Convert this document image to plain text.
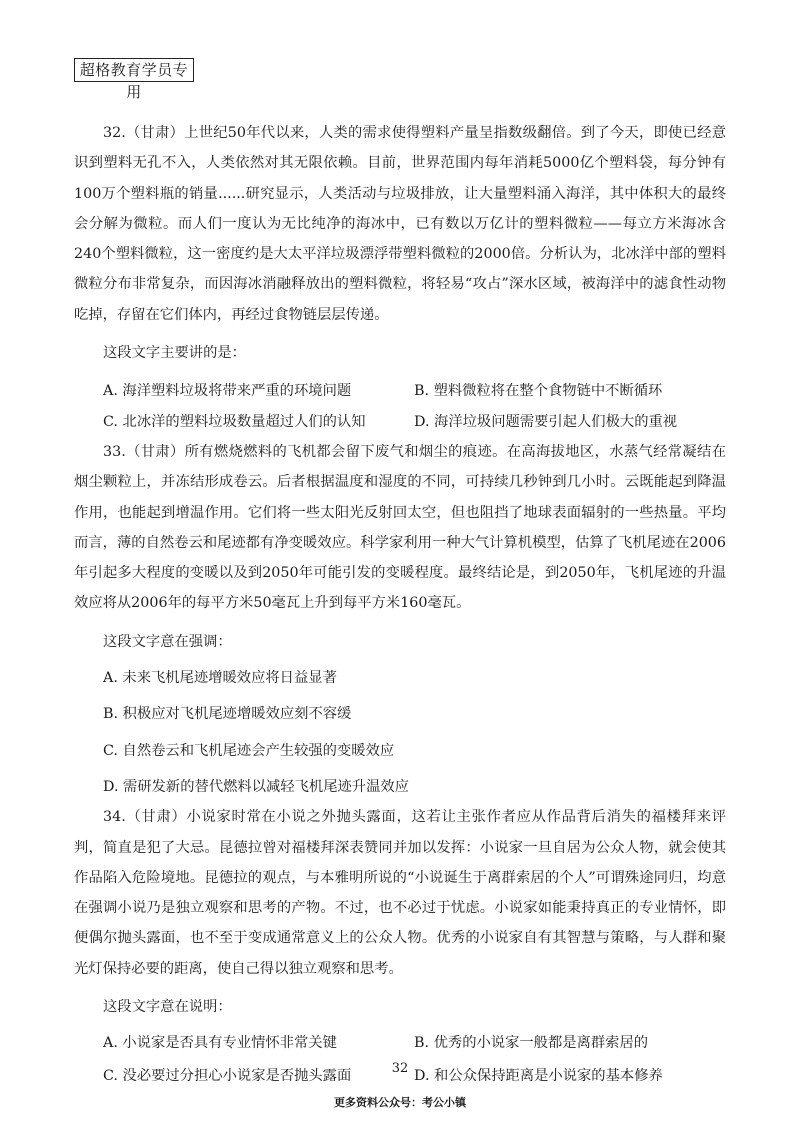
超格教育学员专用

32.（甘肃）上世纪50年代以来，人类的需求使得塑料产量呈指数级翻倍。到了今天，即使已经意识到塑料无孔不入，人类依然对其无限依赖。目前，世界范围内每年消耗5000亿个塑料袋，每分钟有100万个塑料瓶的销量......研究显示，人类活动与垃圾排放，让大量塑料涌入海洋，其中体积大的最终会分解为微粒。而人们一度认为无比纯净的海冰中，已有数以万亿计的塑料微粒——每立方米海冰含240个塑料微粒，这一密度约是大太平洋垃圾漂浮带塑料微粒的2000倍。分析认为，北冰洋中部的塑料微粒分布非常复杂，而因海冰消融释放出的塑料微粒，将轻易“攻占”深水区域，被海洋中的滤食性动物吃掉，存留在它们体内，再经过食物链层层传递。

这段文字主要讲的是：

A. 海洋塑料垃圾将带来严重的环境问题	B. 塑料微粒将在整个食物链中不断循环
C. 北冰洋的塑料垃圾数量超过人们的认知	D. 海洋垃圾问题需要引起人们极大的重视

33.（甘肃）所有燃烧燃料的飞机都会留下废气和烟尘的痕迹。在高海拔地区，水蒸气经常凝结在烟尘颗粒上，并冻结形成卷云。后者根据温度和湿度的不同，可持续几秒钟到几小时。云既能起到降温作用，也能起到增温作用。它们将一些太阳光反射回太空，但也阻挡了地球表面辐射的一些热量。平均而言，薄的自然卷云和尾迹都有净变暖效应。科学家利用一种大气计算机模型，估算了飞机尾迹在2006年引起多大程度的变暖以及到2050年可能引发的变暖程度。最终结论是，到2050年，飞机尾迹的升温效应将从2006年的每平方米50毫瓦上升到每平方米160毫瓦。

这段文字意在强调：

A. 未来飞机尾迹增暖效应将日益显著

B. 积极应对飞机尾迹增暖效应刻不容缓

C. 自然卷云和飞机尾迹会产生较强的变暖效应

D. 需研发新的替代燃料以减轻飞机尾迹升温效应

34.（甘肃）小说家时常在小说之外抛头露面，这若让主张作者应从作品背后消失的福楼拜来评判，简直是犯了大忌。昆德拉曾对福楼拜深表赞同并加以发挥：小说家一旦自居为公众人物，就会使其作品陷入危险境地。昆德拉的观点，与本雅明所说的“小说诞生于离群索居的个人”可谓殊途同归，均意在强调小说乃是独立观察和思考的产物。不过，也不必过于忧虑。小说家如能秉持真正的专业情怀，即便偶尔抛头露面，也不至于变成通常意义上的公众人物。优秀的小说家自有其智慧与策略，与人群和聚光灯保持必要的距离，使自己得以独立观察和思考。

这段文字意在说明：

A. 小说家是否具有专业情怀非常关键	B. 优秀的小说家一般都是离群索居的
C. 没必要过分担心小说家是否抛头露面	D. 和公众保持距离是小说家的基本修养
32
更多资料公众号：考公小镇
